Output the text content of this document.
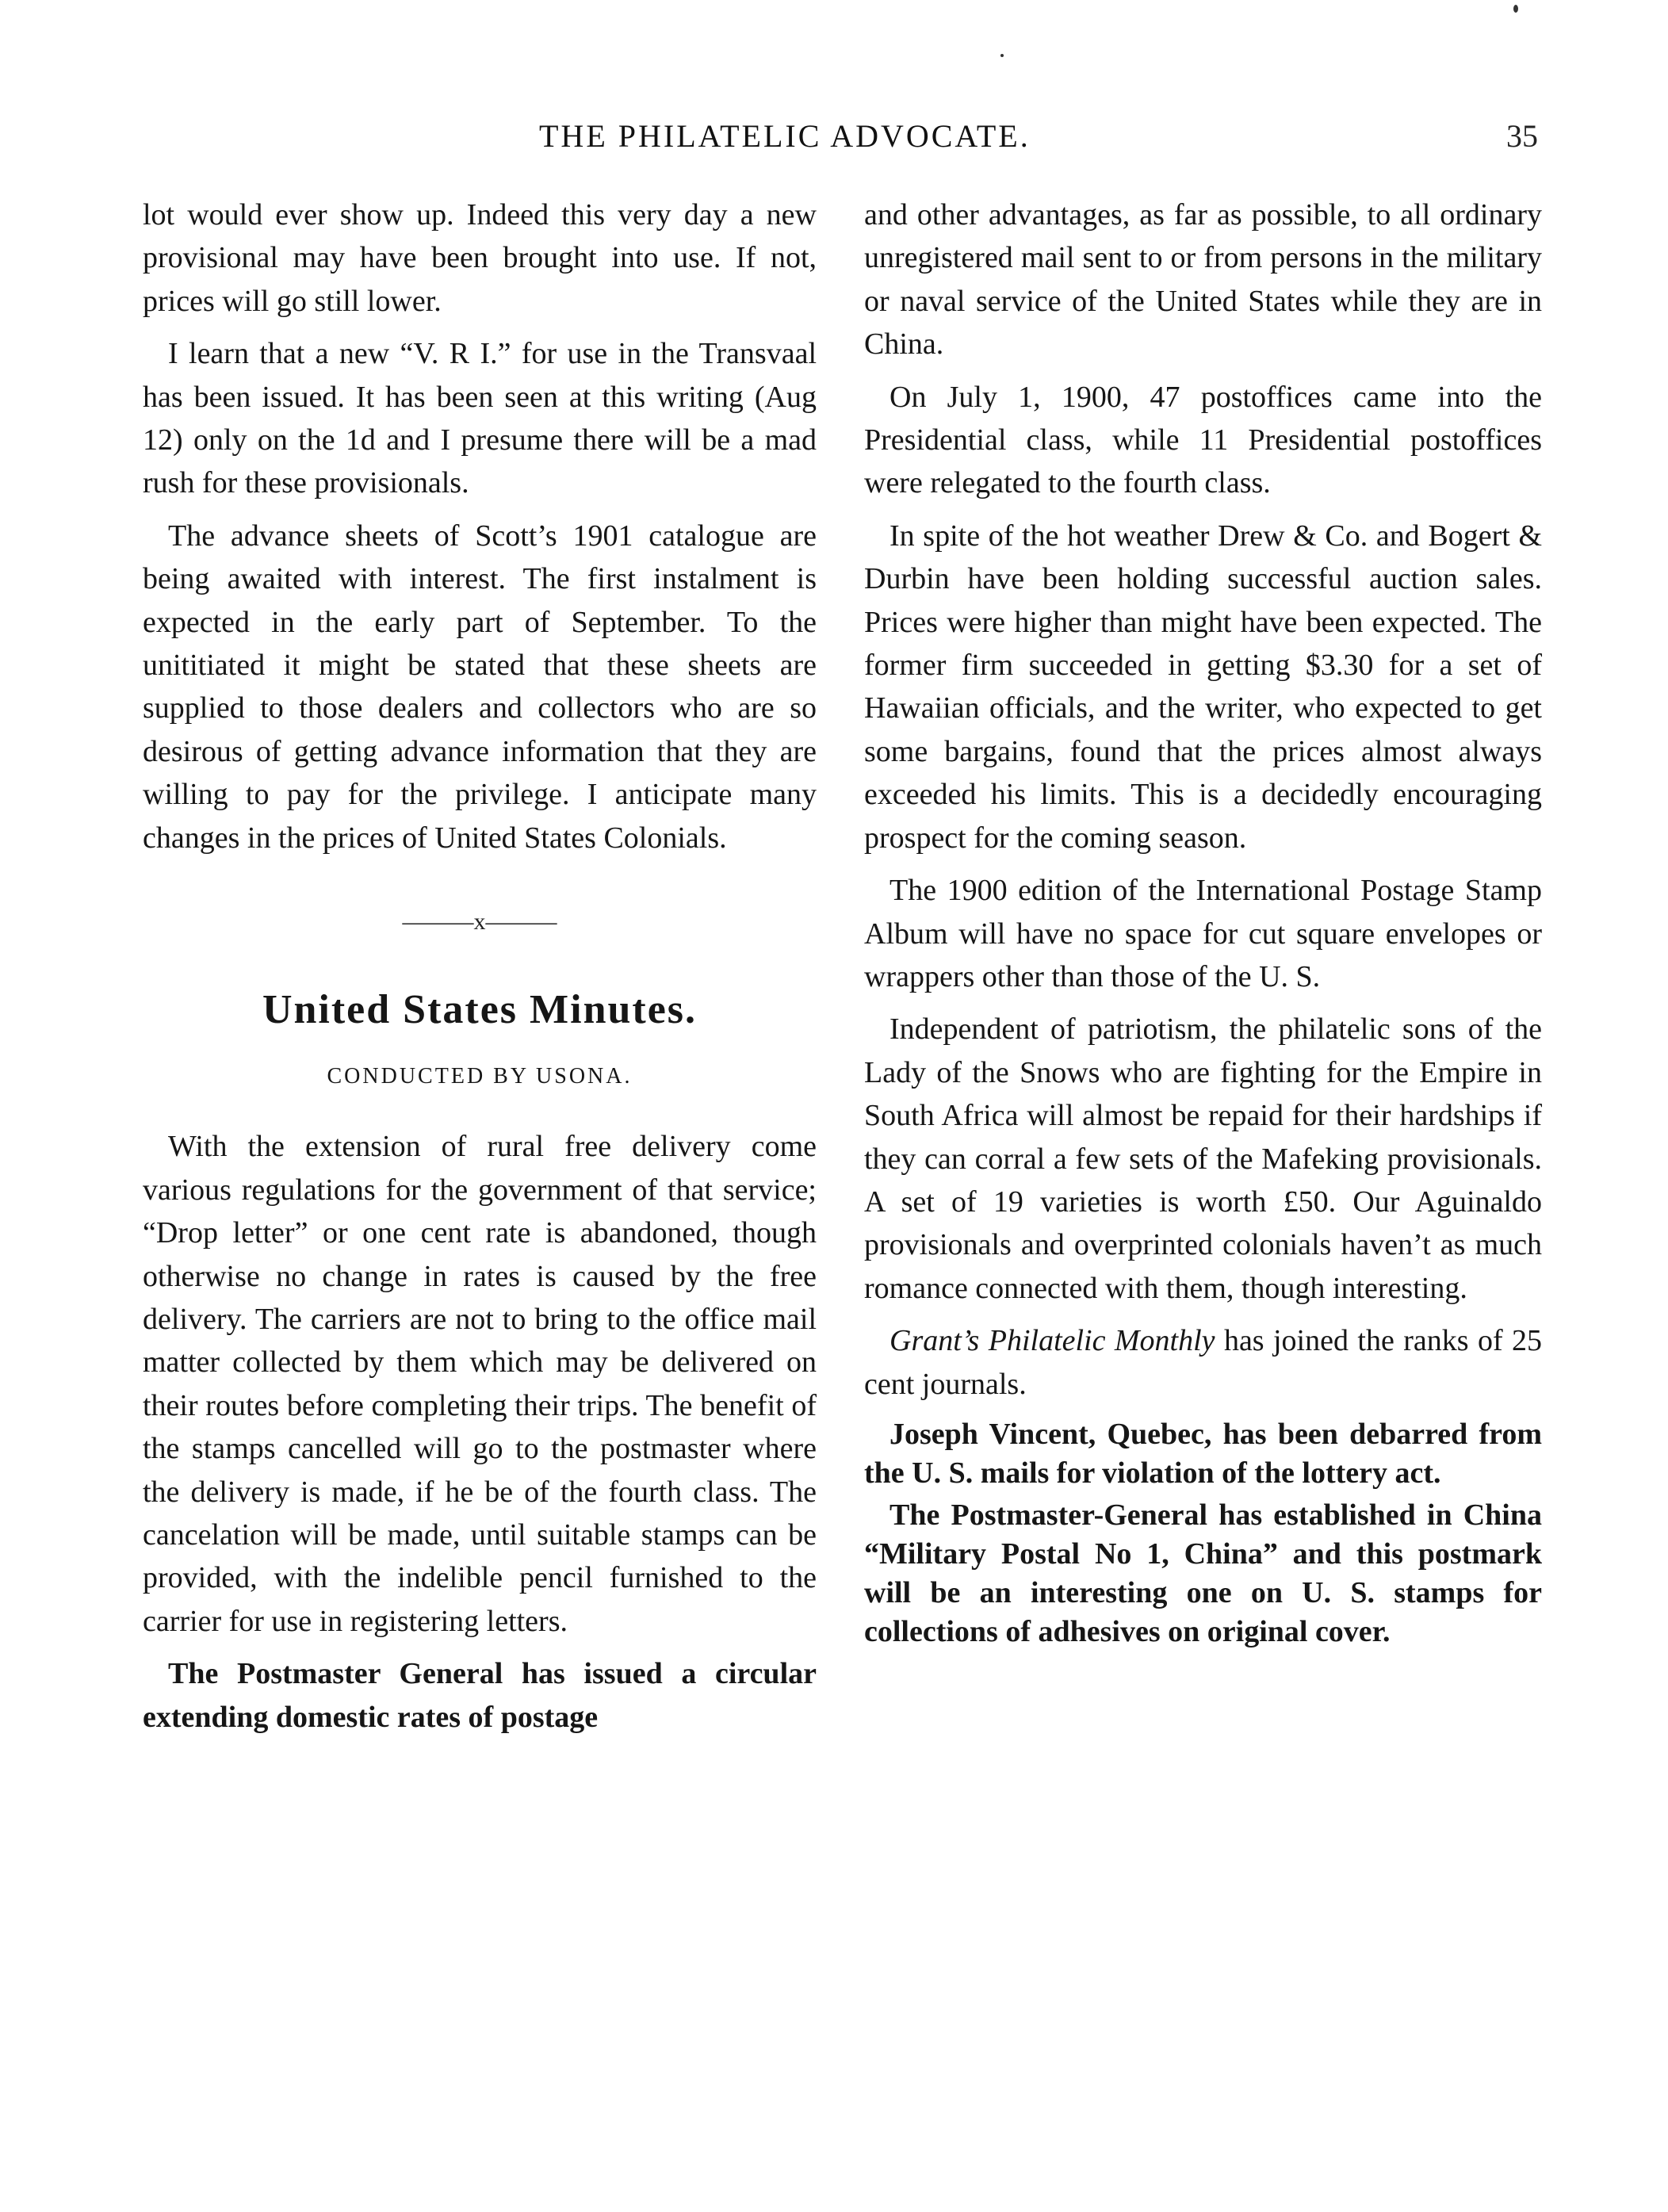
THE PHILATELIC ADVOCATE.	35

lot would ever show up. Indeed this very day a new provisional may have been brought into use. If not, prices will go still lower.

I learn that a new “V. R I.” for use in the Transvaal has been issued. It has been seen at this writing (Aug 12) only on the 1d and I presume there will be a mad rush for these provisionals.

The advance sheets of Scott’s 1901 catalogue are being awaited with interest. The first instalment is expected in the early part of September. To the unititiated it might be stated that these sheets are supplied to those dealers and collectors who are so desirous of getting advance information that they are willing to pay for the privilege. I anticipate many changes in the prices of United States Colonials.

———x———
United States Minutes.
CONDUCTED BY USONA.

With the extension of rural free delivery come various regulations for the government of that service; “Drop letter” or one cent rate is abandoned, though otherwise no change in rates is caused by the free delivery. The carriers are not to bring to the office mail matter collected by them which may be delivered on their routes before completing their trips. The benefit of the stamps cancelled will go to the postmaster where the delivery is made, if he be of the fourth class. The cancelation will be made, until suitable stamps can be provided, with the indelible pencil furnished to the carrier for use in registering letters.

The Postmaster General has issued a circular extending domestic rates of postage

and other advantages, as far as possible, to all ordinary unregistered mail sent to or from persons in the military or naval service of the United States while they are in China.

On July 1, 1900, 47 postoffices came into the Presidential class, while 11 Presidential postoffices were relegated to the fourth class.

In spite of the hot weather Drew & Co. and Bogert & Durbin have been holding successful auction sales. Prices were higher than might have been expected. The former firm succeeded in getting $3.30 for a set of Hawaiian officials, and the writer, who expected to get some bargains, found that the prices almost always exceeded his limits. This is a decidedly encouraging prospect for the coming season.

The 1900 edition of the International Postage Stamp Album will have no space for cut square envelopes or wrappers other than those of the U. S.

Independent of patriotism, the philatelic sons of the Lady of the Snows who are fighting for the Empire in South Africa will almost be repaid for their hardships if they can corral a few sets of the Mafeking provisionals. A set of 19 varieties is worth £50. Our Aguinaldo provisionals and overprinted colonials haven’t as much romance connected with them, though interesting.

Grant’s Philatelic Monthly has joined the ranks of 25 cent journals.

Joseph Vincent, Quebec, has been debarred from the U. S. mails for violation of the lottery act.

The Postmaster-General has established in China “Military Postal No 1, China” and this postmark will be an interesting one on U. S. stamps for collections of adhesives on original cover.
